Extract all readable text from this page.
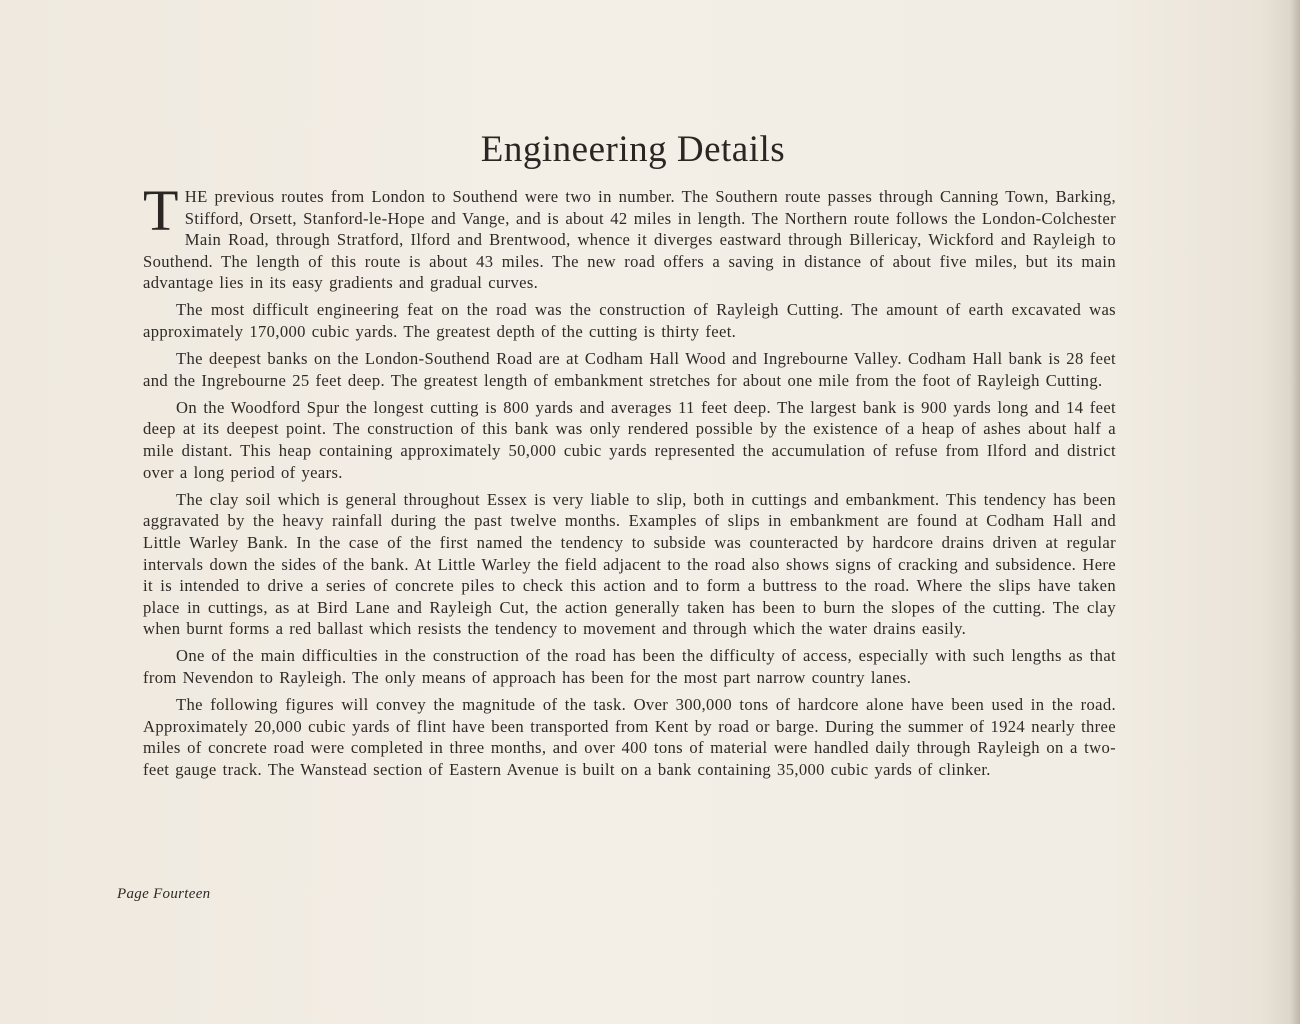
Engineering Details

THE previous routes from London to Southend were two in number. The Southern route passes through Canning Town, Barking, Stifford, Orsett, Stanford-le-Hope and Vange, and is about 42 miles in length. The Northern route follows the London-Colchester Main Road, through Stratford, Ilford and Brentwood, whence it diverges eastward through Billericay, Wickford and Rayleigh to Southend. The length of this route is about 43 miles. The new road offers a saving in distance of about five miles, but its main advantage lies in its easy gradients and gradual curves.

The most difficult engineering feat on the road was the construction of Rayleigh Cutting. The amount of earth excavated was approximately 170,000 cubic yards. The greatest depth of the cutting is thirty feet.

The deepest banks on the London-Southend Road are at Codham Hall Wood and Ingrebourne Valley. Codham Hall bank is 28 feet and the Ingrebourne 25 feet deep. The greatest length of embankment stretches for about one mile from the foot of Rayleigh Cutting.

On the Woodford Spur the longest cutting is 800 yards and averages 11 feet deep. The largest bank is 900 yards long and 14 feet deep at its deepest point. The construction of this bank was only rendered possible by the existence of a heap of ashes about half a mile distant. This heap containing approximately 50,000 cubic yards represented the accumulation of refuse from Ilford and district over a long period of years.

The clay soil which is general throughout Essex is very liable to slip, both in cuttings and embankment. This tendency has been aggravated by the heavy rainfall during the past twelve months. Examples of slips in embankment are found at Codham Hall and Little Warley Bank. In the case of the first named the tendency to subside was counteracted by hardcore drains driven at regular intervals down the sides of the bank. At Little Warley the field adjacent to the road also shows signs of cracking and subsidence. Here it is intended to drive a series of concrete piles to check this action and to form a buttress to the road. Where the slips have taken place in cuttings, as at Bird Lane and Rayleigh Cut, the action generally taken has been to burn the slopes of the cutting. The clay when burnt forms a red ballast which resists the tendency to movement and through which the water drains easily.

One of the main difficulties in the construction of the road has been the difficulty of access, especially with such lengths as that from Nevendon to Rayleigh. The only means of approach has been for the most part narrow country lanes.

The following figures will convey the magnitude of the task. Over 300,000 tons of hardcore alone have been used in the road. Approximately 20,000 cubic yards of flint have been transported from Kent by road or barge. During the summer of 1924 nearly three miles of concrete road were completed in three months, and over 400 tons of material were handled daily through Rayleigh on a two-feet gauge track. The Wanstead section of Eastern Avenue is built on a bank containing 35,000 cubic yards of clinker.

Page Fourteen
